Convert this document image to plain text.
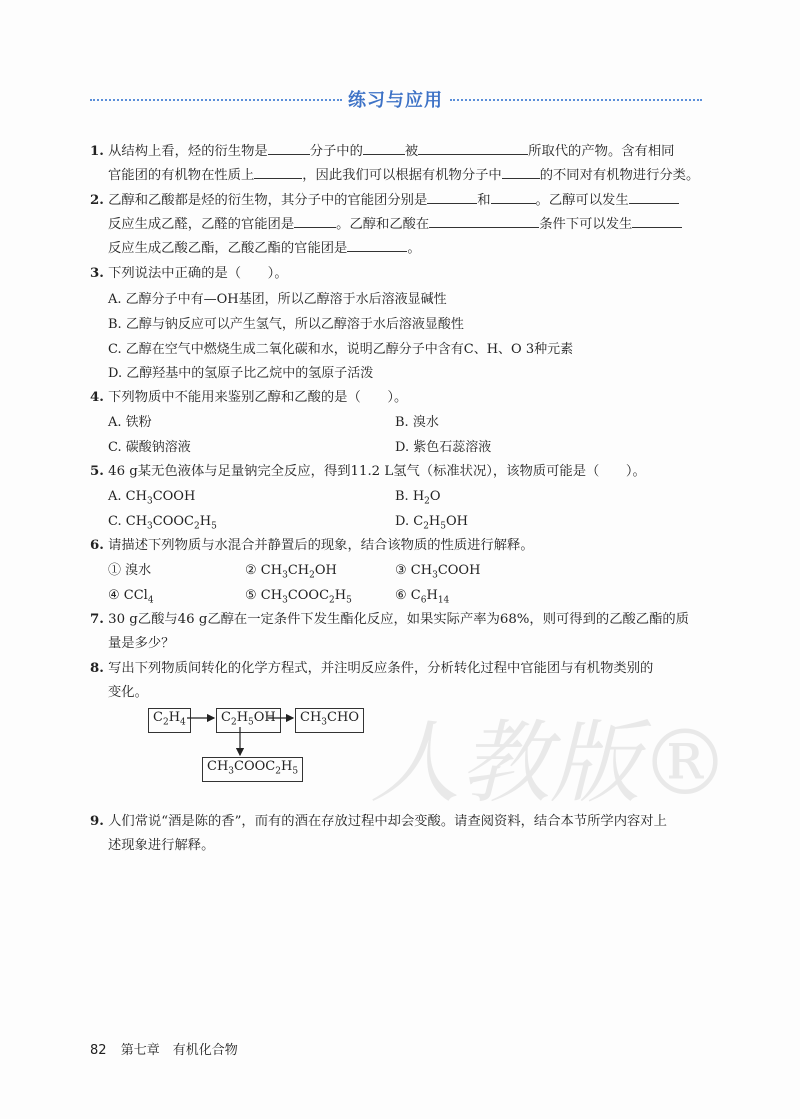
练习与应用
人教版®
1. 从结构上看，烃的衍生物是	分子中的	被	所取代的产物。含有相同
官能团的有机物在性质上	，因此我们可以根据有机物分子中	的不同对有机物进行分类。
2. 乙醇和乙酸都是烃的衍生物，其分子中的官能团分别是	和	。乙醇可以发生
反应生成乙醛，乙醛的官能团是	。乙醇和乙酸在	条件下可以发生
反应生成乙酸乙酯，乙酸乙酯的官能团是	。
3. 下列说法中正确的是（　　）。
A. 乙醇分子中有—OH基团，所以乙醇溶于水后溶液显碱性
B. 乙醇与钠反应可以产生氢气，所以乙醇溶于水后溶液显酸性
C. 乙醇在空气中燃烧生成二氧化碳和水，说明乙醇分子中含有C、H、O 3种元素
D. 乙醇羟基中的氢原子比乙烷中的氢原子活泼
4. 下列物质中不能用来鉴别乙醇和乙酸的是（　　）。
A. 铁粉	B. 溴水
C. 碳酸钠溶液	D. 紫色石蕊溶液
5. 46 g某无色液体与足量钠完全反应，得到11.2 L氢气（标准状况），该物质可能是（　　）。
A. $CH_3COOH$	B. $H_2O$
C. $CH_3COOC_2H_5$	D. $C_2H_5OH$
6. 请描述下列物质与水混合并静置后的现象，结合该物质的性质进行解释。
① 溴水	② $CH_3CH_2OH$	③ $CH_3COOH$
④ CCl$_4$	⑤ $CH_3COOC_2H_5$	⑥ $C_6H_{14}$
7. 30 g乙酸与46 g乙醇在一定条件下发生酯化反应，如果实际产率为68%，则可得到的乙酸乙酯的质
量是多少？
8. 写出下列物质间转化的化学方程式，并注明反应条件，分析转化过程中官能团与有机物类别的
变化。
$C_2H_4$	$C_2H_5OH$	$CH_3CHO$
$CH_3COOC_2H_5$
9. 人们常说“酒是陈的香”，而有的酒在存放过程中却会变酸。请查阅资料，结合本节所学内容对上
述现象进行解释。
82 第七章　有机化合物
